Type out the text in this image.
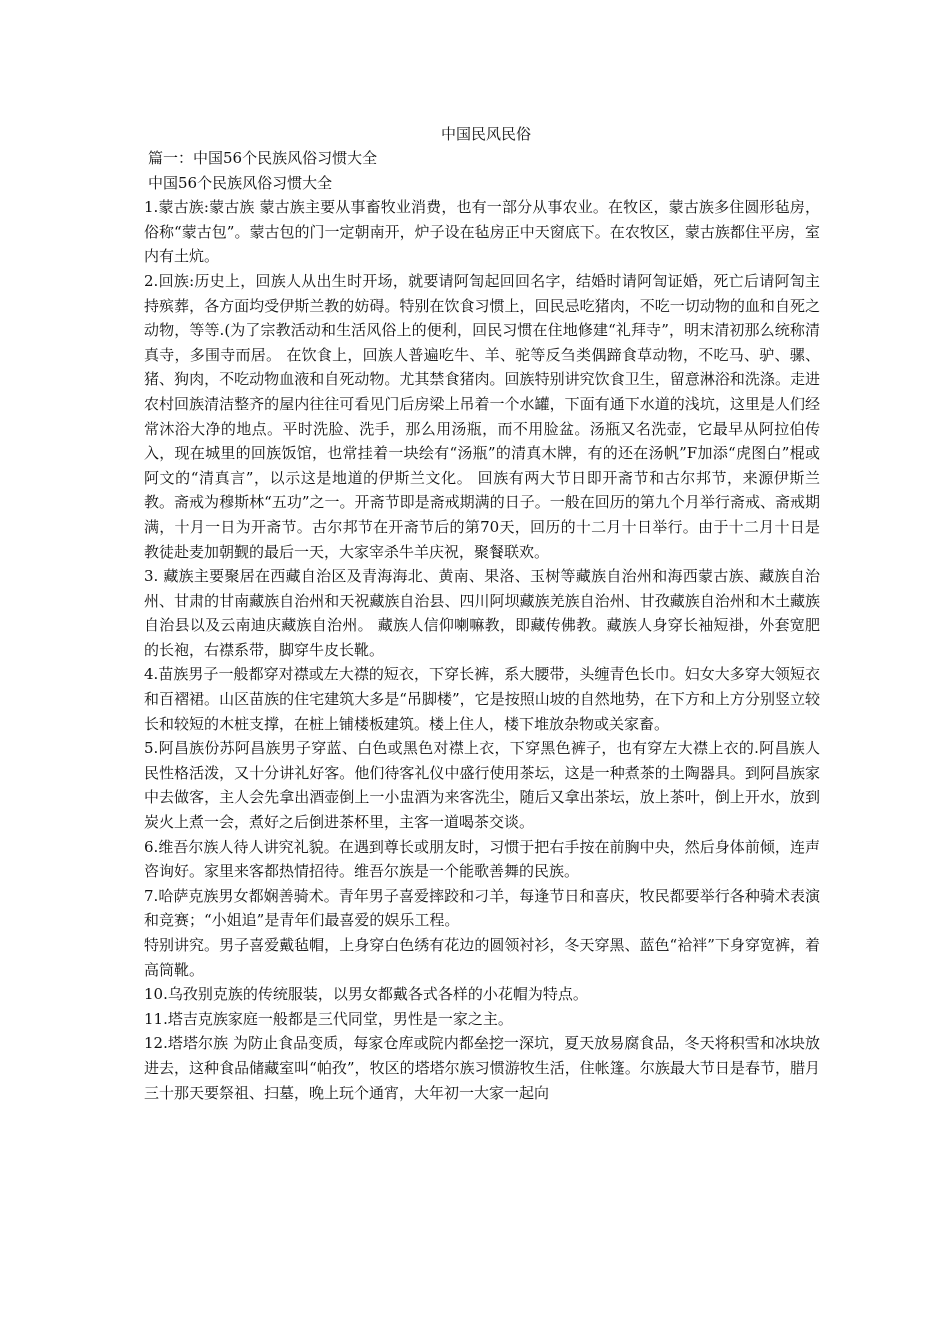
中国民风民俗

篇一：中国56个民族风俗习惯大全

中国56个民族风俗习惯大全

1.蒙古族:蒙古族 蒙古族主要从事畜牧业消费，也有一部分从事农业。在牧区，蒙古族多住圆形毡房，俗称“蒙古包”。蒙古包的门一定朝南开，炉子设在毡房正中天窗底下。在农牧区，蒙古族都住平房，室内有土炕。

2.回族:历史上，回族人从出生时开场，就要请阿訇起回回名字，结婚时请阿訇证婚，死亡后请阿訇主持殡葬，各方面均受伊斯兰教的妨碍。特别在饮食习惯上，回民忌吃猪肉，不吃一切动物的血和自死之动物，等等.(为了宗教活动和生活风俗上的便利，回民习惯在住地修建“礼拜寺”，明末清初那么统称清真寺，多围寺而居。 在饮食上，回族人普遍吃牛、羊、驼等反刍类偶蹄食草动物，不吃马、驴、骡、猪、狗肉，不吃动物血液和自死动物。尤其禁食猪肉。回族特别讲究饮食卫生，留意淋浴和洗涤。走进农村回族清洁整齐的屋内往往可看见门后房梁上吊着一个水罐，下面有通下水道的浅坑，这里是人们经常沐浴大净的地点。平时洗脸、洗手，那么用汤瓶，而不用脸盆。汤瓶又名洗壶，它最早从阿拉伯传入，现在城里的回族饭馆，也常挂着一块绘有“汤瓶”的清真木牌，有的还在汤帆”F加添“虎图白”棍或阿文的“清真言”，以示这是地道的伊斯兰文化。 回族有两大节日即开斋节和古尔邦节，来源伊斯兰教。斋戒为穆斯林“五功”之一。开斋节即是斋戒期满的日子。一般在回历的第九个月举行斋戒、斋戒期满，十月一日为开斋节。古尔邦节在开斋节后的第70天，回历的十二月十日举行。由于十二月十日是教徒赴麦加朝觐的最后一天，大家宰杀牛羊庆祝，聚餐联欢。

3. 藏族主要聚居在西藏自治区及青海海北、黄南、果洛、玉树等藏族自治州和海西蒙古族、藏族自治州、甘肃的甘南藏族自治州和天祝藏族自治县、四川阿坝藏族羌族自治州、甘孜藏族自治州和木土藏族自治县以及云南迪庆藏族自治州。 藏族人信仰喇嘛教，即藏传佛教。藏族人身穿长袖短褂，外套宽肥的长袍，右襟系带，脚穿牛皮长靴。

4.苗族男子一般都穿对襟或左大襟的短衣，下穿长裤，系大腰带，头缠青色长巾。妇女大多穿大领短衣和百褶裙。山区苗族的住宅建筑大多是“吊脚楼”，它是按照山坡的自然地势，在下方和上方分别竖立较长和较短的木桩支撑，在桩上铺楼板建筑。楼上住人，楼下堆放杂物或关家畜。

5.阿昌族份苏阿昌族男子穿蓝、白色或黑色对襟上衣，下穿黑色裤子，也有穿左大襟上衣的.阿昌族人民性格活泼，又十分讲礼好客。他们待客礼仪中盛行使用茶坛，这是一种煮茶的土陶器具。到阿昌族家中去做客，主人会先拿出酒壶倒上一小盅酒为来客洗尘，随后又拿出茶坛，放上茶叶，倒上开水，放到炭火上煮一会，煮好之后倒进茶杯里，主客一道喝茶交谈。

6.维吾尔族人待人讲究礼貌。在遇到尊长或朋友时，习惯于把右手按在前胸中央，然后身体前倾，连声咨询好。家里来客都热情招待。维吾尔族是一个能歌善舞的民族。

7.哈萨克族男女都娴善骑术。青年男子喜爱摔跤和刁羊，每逢节日和喜庆，牧民都要举行各种骑术表演和竞赛；“小姐追”是青年们最喜爱的娱乐工程。

特别讲究。男子喜爱戴毡帽，上身穿白色绣有花边的圆领衬衫，冬天穿黑、蓝色“袷袢”下身穿宽裤，着高筒靴。

10.乌孜别克族的传统服装，以男女都戴各式各样的小花帽为特点。

11.塔吉克族家庭一般都是三代同堂，男性是一家之主。

12.塔塔尔族 为防止食品变质，每家仓库或院内都垒挖一深坑，夏天放易腐食品，冬天将积雪和冰块放进去，这种食品储藏室叫“帕孜”，牧区的塔塔尔族习惯游牧生活，住帐篷。尔族最大节日是春节，腊月三十那天要祭祖、扫墓，晚上玩个通宵，大年初一大家一起向
